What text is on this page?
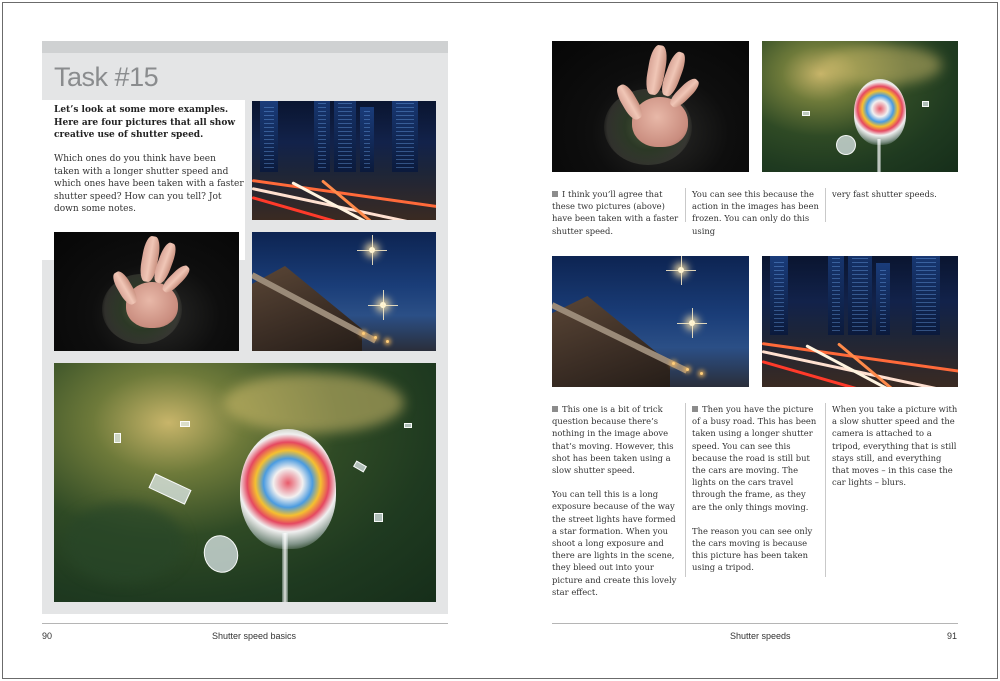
Task #15
Let’s look at some more examples. Here are four pictures that all show creative use of shutter speed.
Which ones do you think have been taken with a longer shutter speed and which ones have been taken with a faster shutter speed? How can you tell? Jot down some notes.
90	Shutter speed basics

I think you’ll agree that these two pictures (above) have been taken with a faster shutter speed.

You can see this because the action in the images has been frozen. You can only do this using
very fast shutter speeds.

This one is a bit of trick question because there’s nothing in the image above that’s moving. However, this shot has been taken using a slow shutter speed.

You can tell this is a long exposure because of the way the street lights have formed a star formation. When you shoot a long exposure and there are lights in the scene, they bleed out into your picture and create this lovely star effect.

Then you have the picture of a busy road. This has been taken using a longer shutter speed. You can see this because the road is still but the cars are moving. The lights on the cars travel through the frame, as they are the only things moving.

The reason you can see only the cars moving is because this picture has been taken using a tripod.

When you take a picture with a slow shutter speed and the camera is attached to a tripod, everything that is still stays still, and everything that moves – in this case the car lights – blurs.

Shutter speeds	91
